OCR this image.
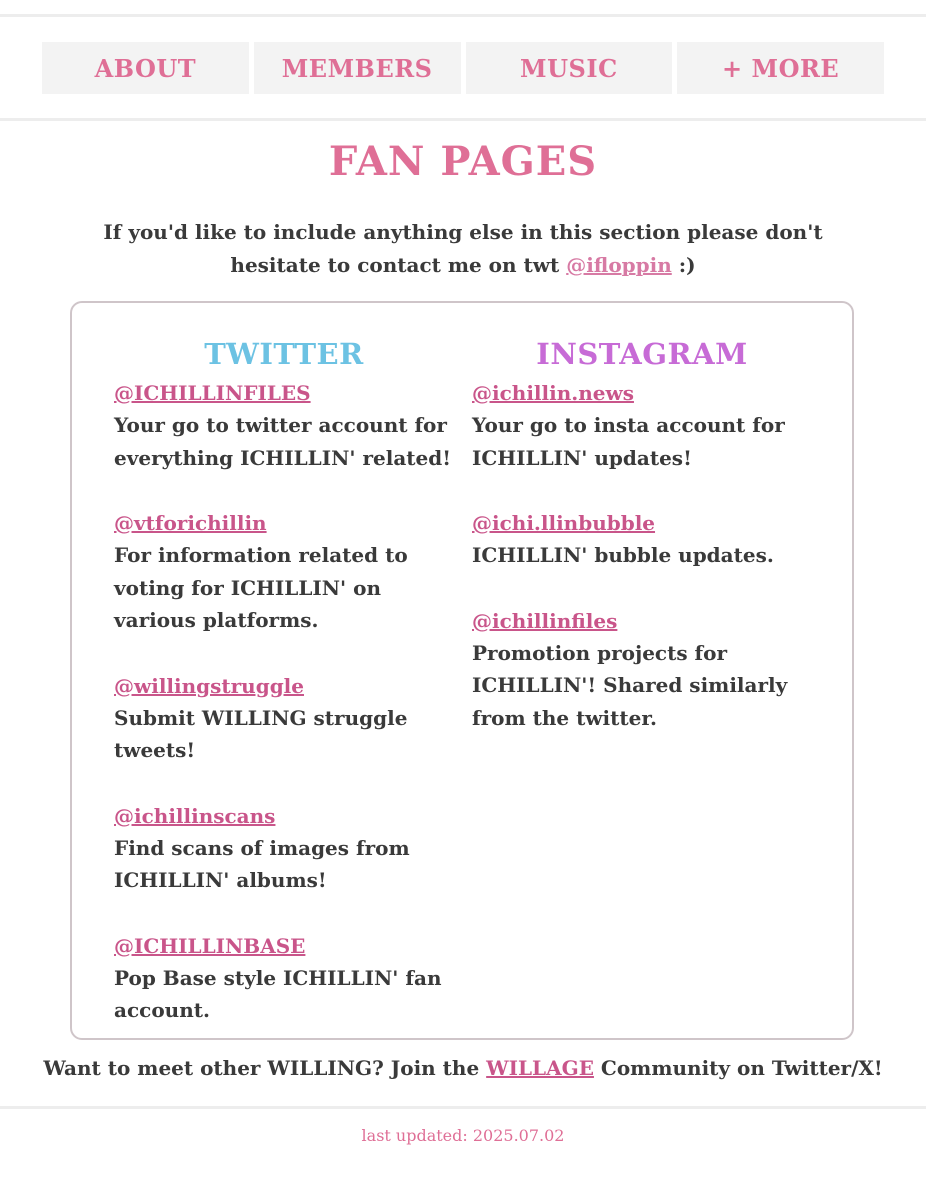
ABOUT	MEMBERS	MUSIC	+ MORE
FAN PAGES
If you'd like to include anything else in this section please don't hesitate to contact me on twt @ifloppin :)
TWITTER
@ICHILLINFILES
Your go to twitter account for everything ICHILLIN' related!
@vtforichillin
For information related to voting for ICHILLIN' on various platforms.
@willingstruggle
Submit WILLING struggle tweets!
@ichillinscans
Find scans of images from ICHILLIN' albums!
@ICHILLINBASE
Pop Base style ICHILLIN' fan account.
INSTAGRAM
@ichillin.news
Your go to insta account for ICHILLIN' updates!
@ichi.llinbubble
ICHILLIN' bubble updates.
@ichillinfiles
Promotion projects for ICHILLIN'! Shared similarly from the twitter.
Want to meet other WILLING? Join the WILLAGE Community on Twitter/X!
last updated: 2025.07.02
